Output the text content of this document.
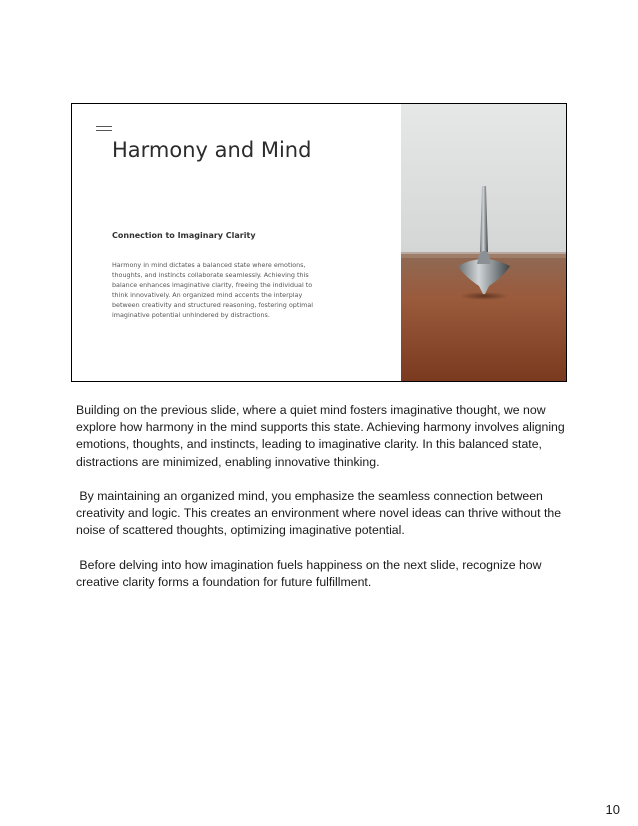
Harmony and Mind
Connection to Imaginary Clarity
Harmony in mind dictates a balanced state where emotions, thoughts, and instincts collaborate seamlessly. Achieving this balance enhances imaginative clarity, freeing the individual to think innovatively. An organized mind accents the interplay between creativity and structured reasoning, fostering optimal imaginative potential unhindered by distractions.

Building on the previous slide, where a quiet mind fosters imaginative thought, we now explore how harmony in the mind supports this state. Achieving harmony involves aligning emotions, thoughts, and instincts, leading to imaginative clarity. In this balanced state, distractions are minimized, enabling innovative thinking.

By maintaining an organized mind, you emphasize the seamless connection between creativity and logic. This creates an environment where novel ideas can thrive without the noise of scattered thoughts, optimizing imaginative potential.

Before delving into how imagination fuels happiness on the next slide, recognize how creative clarity forms a foundation for future fulfillment.

10
